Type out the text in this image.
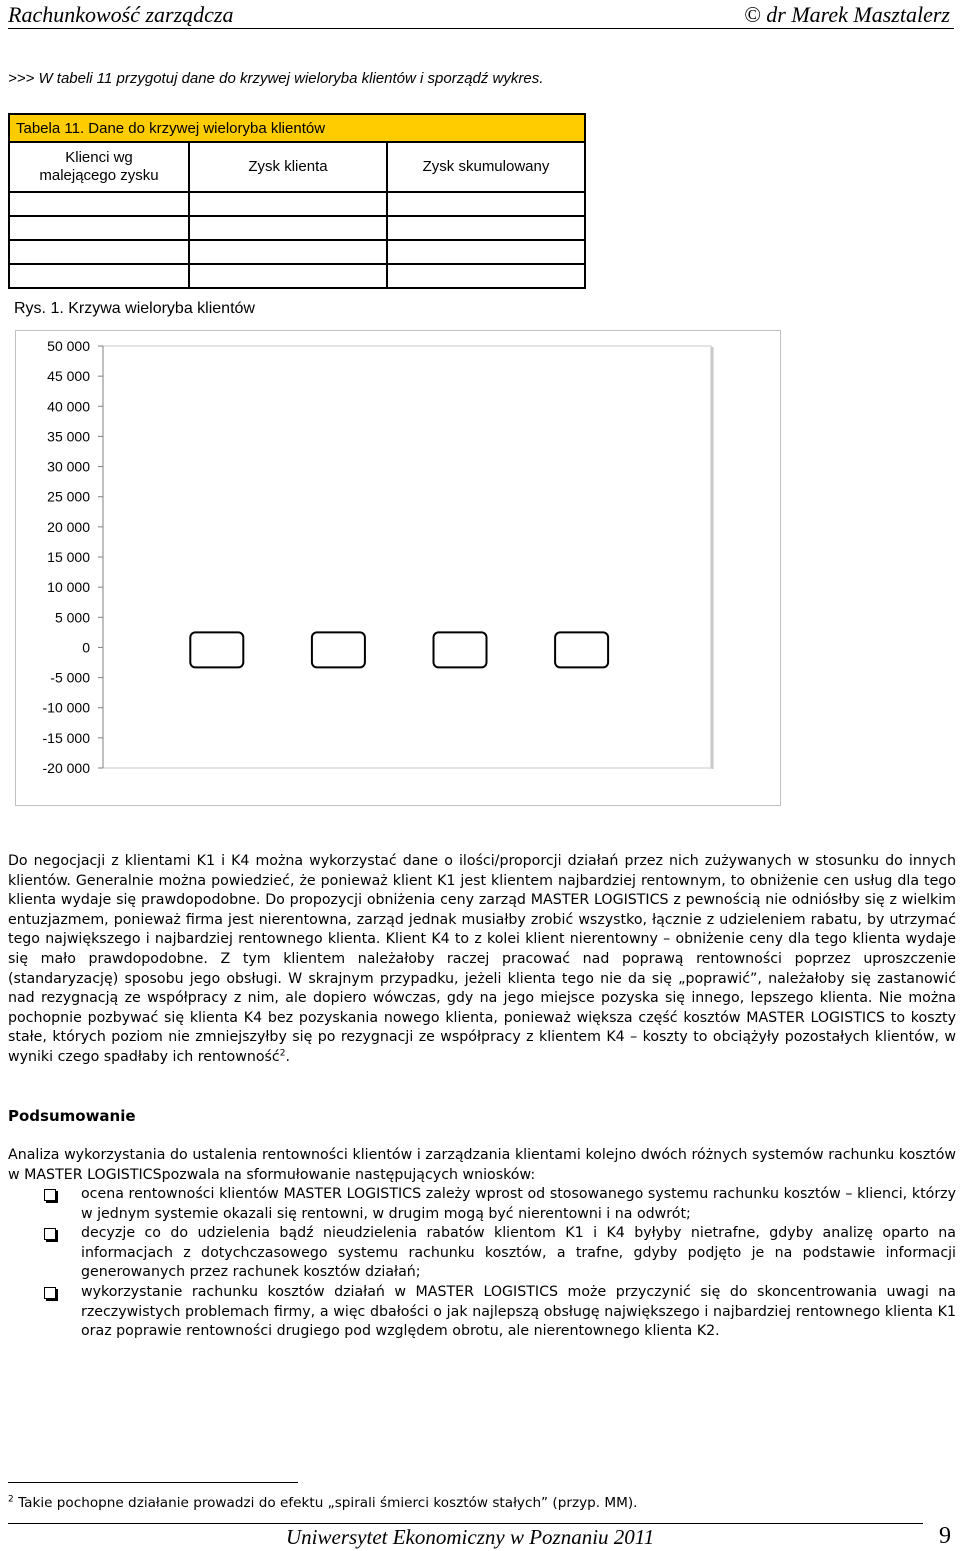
Rachunkowość zarządcza	© dr Marek Masztalerz
>>> W tabeli 11 przygotuj dane do krzywej wieloryba klientów i sporządź wykres.
Tabela 11. Dane do krzywej wieloryba klientów		
Klienci wg
malejącego zysku	Zysk klienta	Zysk skumulowany

Rys. 1. Krzywa wieloryba klientów
50 000
45 000
40 000
35 000
30 000
25 000
20 000
15 000
10 000
5 000
0
-5 000
-10 000
-15 000
-20 000
Do negocjacji z klientami K1 i K4 można wykorzystać dane o ilości/proporcji działań przez nich zużywanych w stosunku do innych klientów. Generalnie można powiedzieć, że ponieważ klient K1 jest klientem najbardziej rentownym, to obniżenie cen usług dla tego klienta wydaje się prawdopodobne. Do propozycji obniżenia ceny zarząd MASTER LOGISTICS z pewnością nie odniósłby się z wielkim entuzjazmem, ponieważ firma jest nierentowna, zarząd jednak musiałby zrobić wszystko, łącznie z udzieleniem rabatu, by utrzymać tego największego i najbardziej rentownego klienta. Klient K4 to z kolei klient nierentowny – obniżenie ceny dla tego klienta wydaje się mało prawdopodobne. Z tym klientem należałoby raczej pracować nad poprawą rentowności poprzez uproszczenie (standaryzację) sposobu jego obsługi. W skrajnym przypadku, jeżeli klienta tego nie da się „poprawić”, należałoby się zastanowić nad rezygnacją ze współpracy z nim, ale dopiero wówczas, gdy na jego miejsce pozyska się innego, lepszego klienta. Nie można pochopnie pozbywać się klienta K4 bez pozyskania nowego klienta, ponieważ większa część kosztów MASTER LOGISTICS to koszty stałe, których poziom nie zmniejszyłby się po rezygnacji ze współpracy z klientem K4 – koszty to obciążyły pozostałych klientów, w wyniki czego spadłaby ich rentowność$^2$.
Podsumowanie
Analiza wykorzystania do ustalenia rentowności klientów i zarządzania klientami kolejno dwóch różnych systemów rachunku kosztów w MASTER LOGISTICSpozwala na sformułowanie następujących wniosków:
ocena rentowności klientów MASTER LOGISTICS zależy wprost od stosowanego systemu rachunku kosztów – klienci, którzy w jednym systemie okazali się rentowni, w drugim mogą być nierentowni i na odwrót;
decyzje co do udzielenia bądź nieudzielenia rabatów klientom K1 i K4 byłyby nietrafne, gdyby analizę oparto na informacjach z dotychczasowego systemu rachunku kosztów, a trafne, gdyby podjęto je na podstawie informacji generowanych przez rachunek kosztów działań;
wykorzystanie rachunku kosztów działań w MASTER LOGISTICS może przyczynić się do skoncentrowania uwagi na rzeczywistych problemach firmy, a więc dbałości o jak najlepszą obsługę największego i najbardziej rentownego klienta K1 oraz poprawie rentowności drugiego pod względem obrotu, ale nierentownego klienta K2.
$^2$ Takie pochopne działanie prowadzi do efektu „spirali śmierci kosztów stałych” (przyp. MM).
Uniwersytet Ekonomiczny w Poznaniu 2011	9
